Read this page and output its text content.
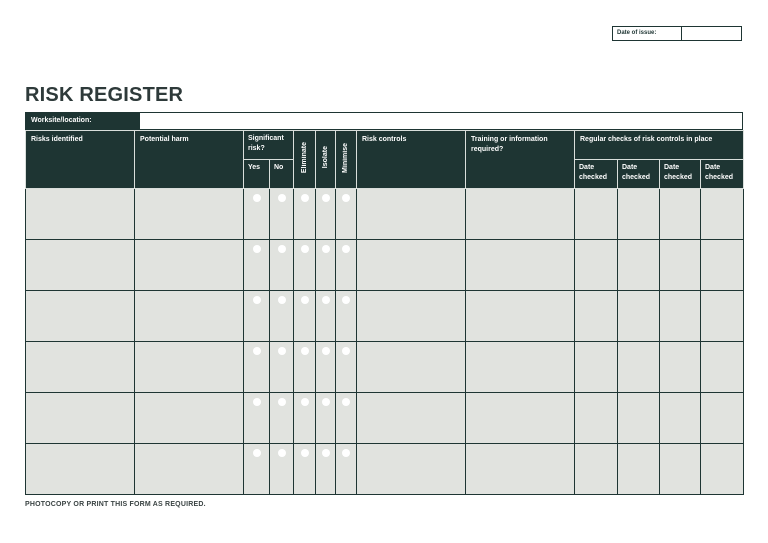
Date of issue:
RISK REGISTER
Worksite/location:
Risks identified	Potential harm	Significant risk?		Eliminate	Isolate	Minimise	Risk controls	Training or information required?	Regular checks of risk controls in place			
		Yes	No						Date checked	Date checked	Date checked	Date checked

PHOTOCOPY OR PRINT THIS FORM AS REQUIRED.
